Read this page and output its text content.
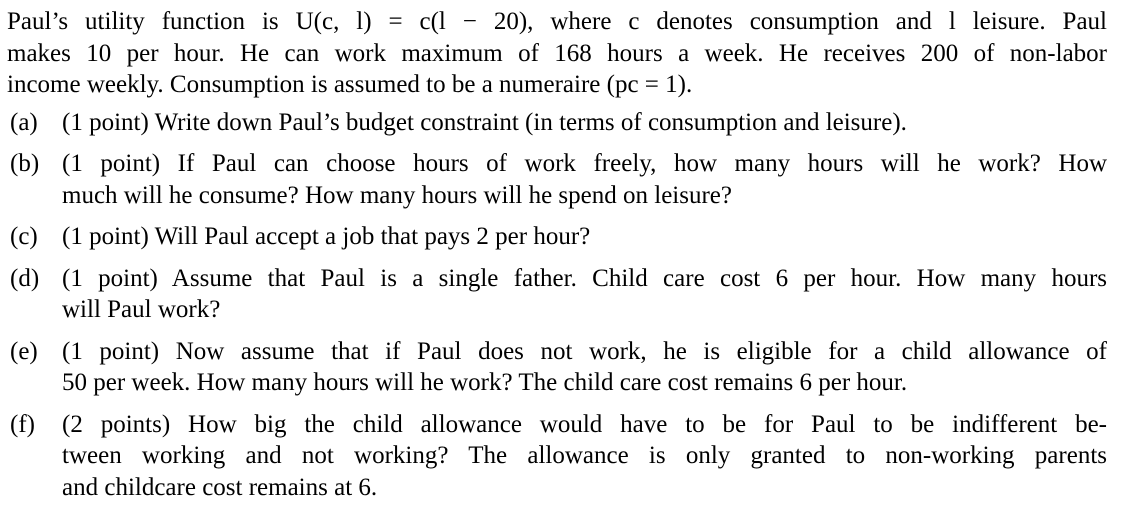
Paul’s utility function is U(c, l) = c(l − 20), where c denotes consumption and l leisure. Paul
makes 10 per hour. He can work maximum of 168 hours a week. He receives 200 of non-labor
income weekly. Consumption is assumed to be a numeraire (pc = 1).
(a) (1 point) Write down Paul’s budget constraint (in terms of consumption and leisure).
(b) (1 point) If Paul can choose hours of work freely, how many hours will he work? How
much will he consume? How many hours will he spend on leisure?
(c) (1 point) Will Paul accept a job that pays 2 per hour?
(d) (1 point) Assume that Paul is a single father. Child care cost 6 per hour. How many hours
will Paul work?
(e) (1 point) Now assume that if Paul does not work, he is eligible for a child allowance of
50 per week. How many hours will he work? The child care cost remains 6 per hour.
(f) (2 points) How big the child allowance would have to be for Paul to be indifferent be-
tween working and not working? The allowance is only granted to non-working parents
and childcare cost remains at 6.
